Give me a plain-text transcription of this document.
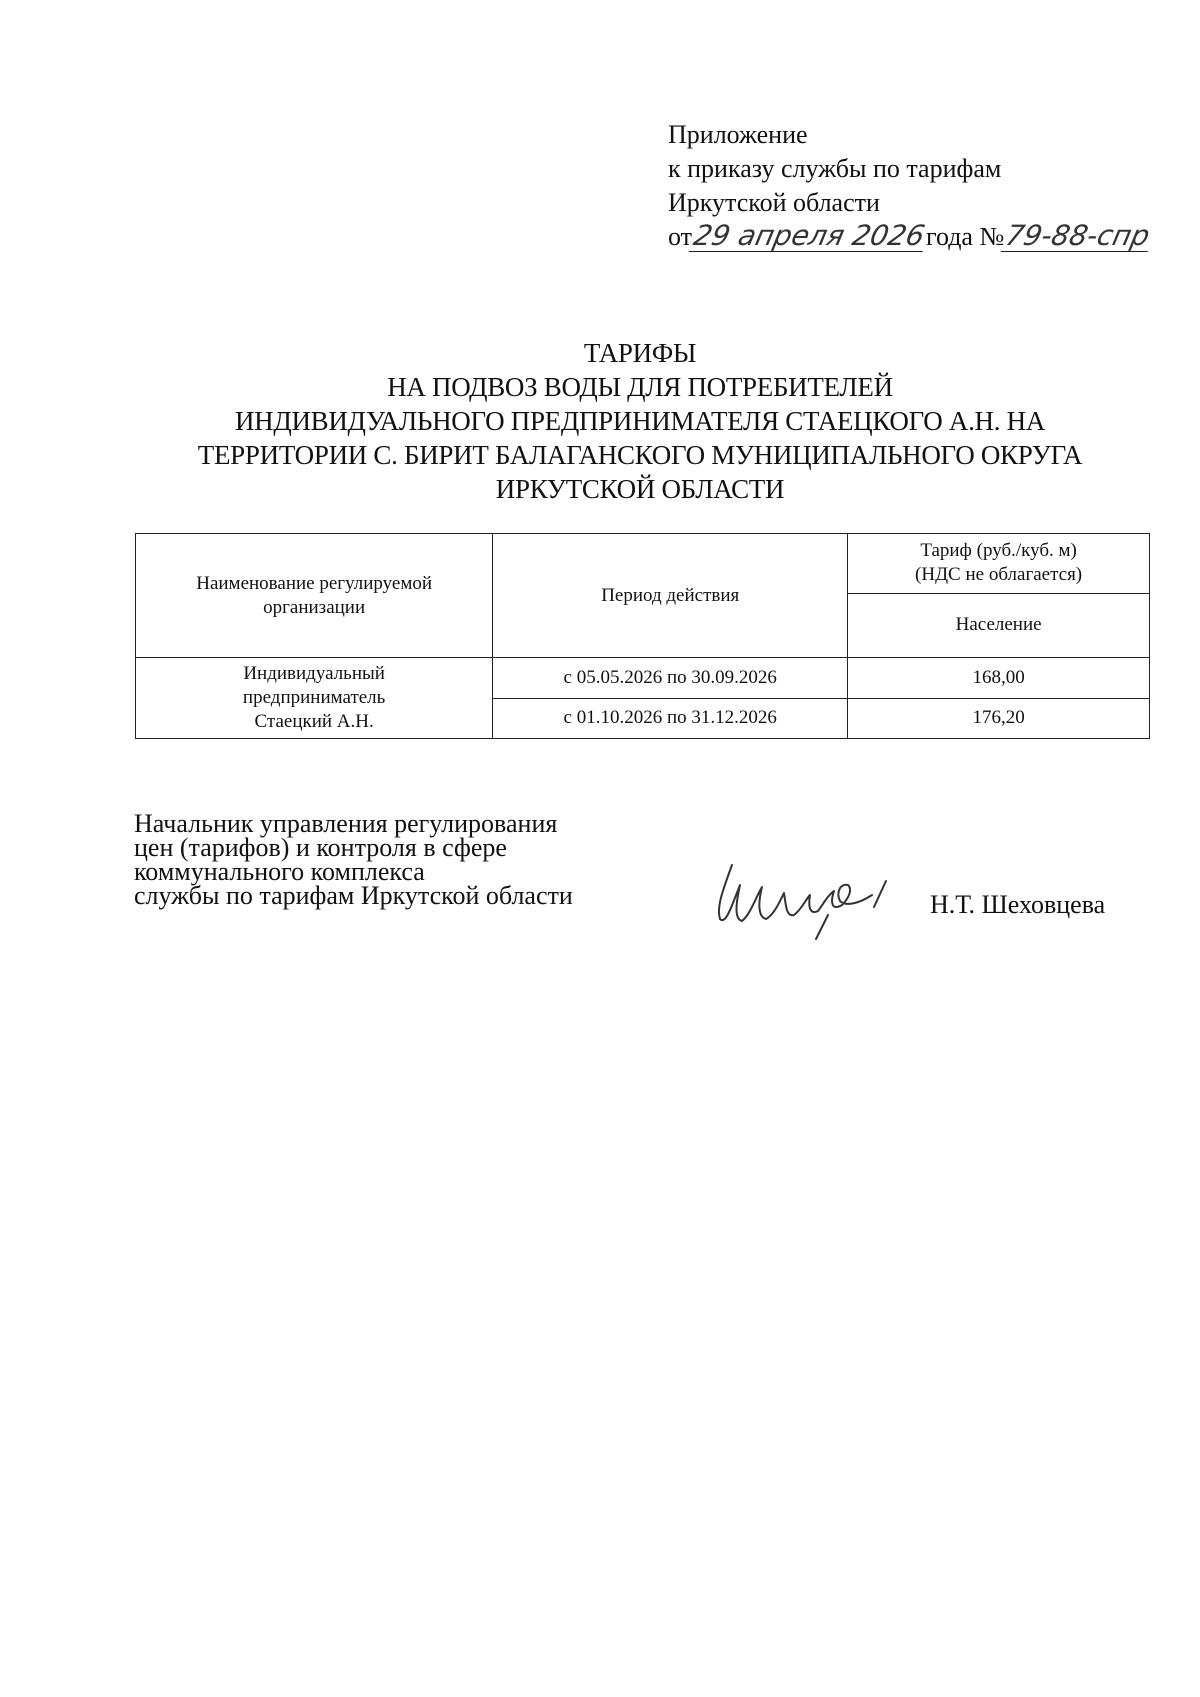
Приложение
к приказу службы по тарифам
Иркутской области
от29 апреля 2026года №79-88-спр
ТАРИФЫ
НА ПОДВОЗ ВОДЫ ДЛЯ ПОТРЕБИТЕЛЕЙ
ИНДИВИДУАЛЬНОГО ПРЕДПРИНИМАТЕЛЯ СТАЕЦКОГО А.Н. НА
ТЕРРИТОРИИ С. БИРИТ БАЛАГАНСКОГО МУНИЦИПАЛЬНОГО ОКРУГА
ИРКУТСКОЙ ОБЛАСТИ
Наименование регулируемой организации	Период действия	Тариф (руб./куб. м)
(НДС не облагается)

		Население

Индивидуальный
предприниматель
Стаецкий А.Н.	с 05.05.2026 по 30.09.2026	168,00
	с 01.10.2026 по 31.12.2026	176,20
Начальник управления регулирования
цен (тарифов) и контроля в сфере
коммунального комплекса
службы по тарифам Иркутской области	Н.Т. Шеховцева
